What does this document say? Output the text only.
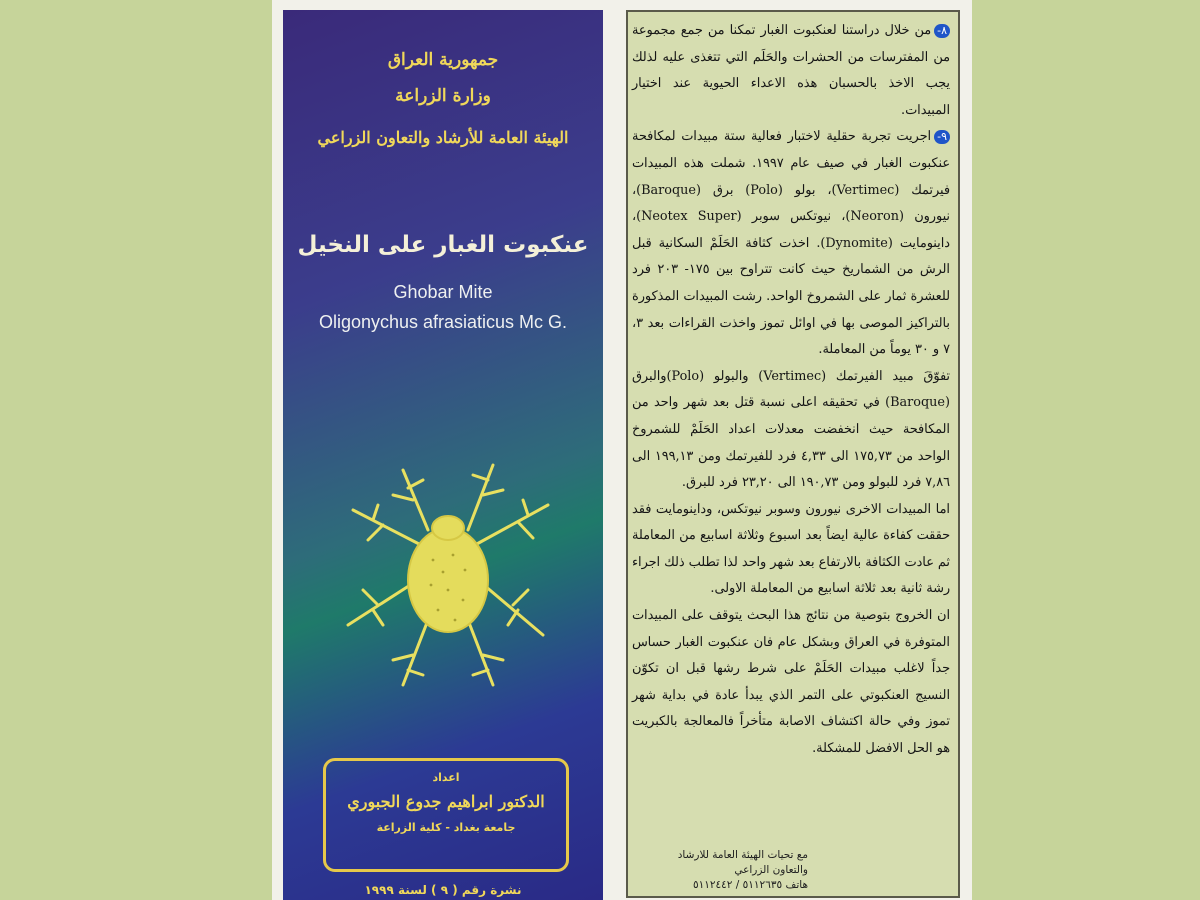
جمهورية العراق
وزارة الزراعة
الهيئة العامة للأرشاد والتعاون الزراعي
عنكبوت الغبار على النخيل
Ghobar Mite
Oligonychus afrasiaticus Mc G.
اعداد
الدكتور ابراهيم جدوع الجبوري
جامعة بغداد - كلية الزراعة
نشرة رقم ( ٩ ) لسنة ١٩٩٩

٨-من خلال دراستنا لعنكبوت الغبار تمكنا من جمع مجموعة من المفترسات من الحشرات والحَلَم التي تتغذى عليه لذلك يجب الاخذ بالحسبان هذه الاعداء الحيوية عند اختيار المبيدات.

٩-اجريت تجربة حقلية لاختبار فعالية ستة مبيدات لمكافحة عنكبوت الغبار في صيف عام ١٩٩٧. شملت هذه المبيدات فيرتمك (Vertimec)، بولو (Polo) برق (Baroque)، نيورون (Neoron)، نيوتكس سوبر (Neotex Super)، داينومايت (Dynomite). اخذت كثافة الحَلَمْ السكانية قبل الرش من الشماريخ حيث كانت تتراوح بين ١٧٥- ٢٠٣ فرد للعشرة ثمار على الشمروخ الواحد. رشت المبيدات المذكورة بالتراكيز الموصى بها في اوائل تموز واخذت القراءات بعد ٣، ٧ و ٣٠ يوماً من المعاملة.

تفوّقَ مبيد الفيرتمك (Vertimec) والبولو (Polo)والبرق (Baroque) في تحقيقه اعلى نسبة قتل بعد شهر واحد من المكافحة حيث انخفضت معدلات اعداد الحَلَمْ للشمروخ الواحد من ١٧٥,٧٣ الى ٤,٣٣ فرد للفيرتمك ومن ١٩٩,١٣ الى ٧,٨٦ فرد للبولو ومن ١٩٠,٧٣ الى ٢٣,٢٠ فرد للبرق.

اما المبيدات الاخرى نيورون وسوبر نيوتكس، وداينومايت فقد حققت كفاءة عالية ايضاً بعد اسبوع وثلاثة اسابيع من المعاملة ثم عادت الكثافة بالارتفاع بعد شهر واحد لذا تطلب ذلك اجراء رشة ثانية بعد ثلاثة اسابيع من المعاملة الاولى.

ان الخروج بتوصية من نتائج هذا البحث يتوقف على المبيدات المتوفرة في العراق وبشكل عام فان عنكبوت الغبار حساس جداً لاغلب مبيدات الحَلَمْ على شرط رشها قبل ان تكوّن النسيج العنكبوتي على التمر الذي يبدأ عادة في بداية شهر تموز وفي حالة اكتشاف الاصابة متأخراً فالمعالجة بالكبريت هو الحل الافضل للمشكلة.

مع تحيات الهيئة العامة للارشاد
والتعاون الزراعي
هاتف ٥١١٢٦٣٥ / ٥١١٢٤٤٢
